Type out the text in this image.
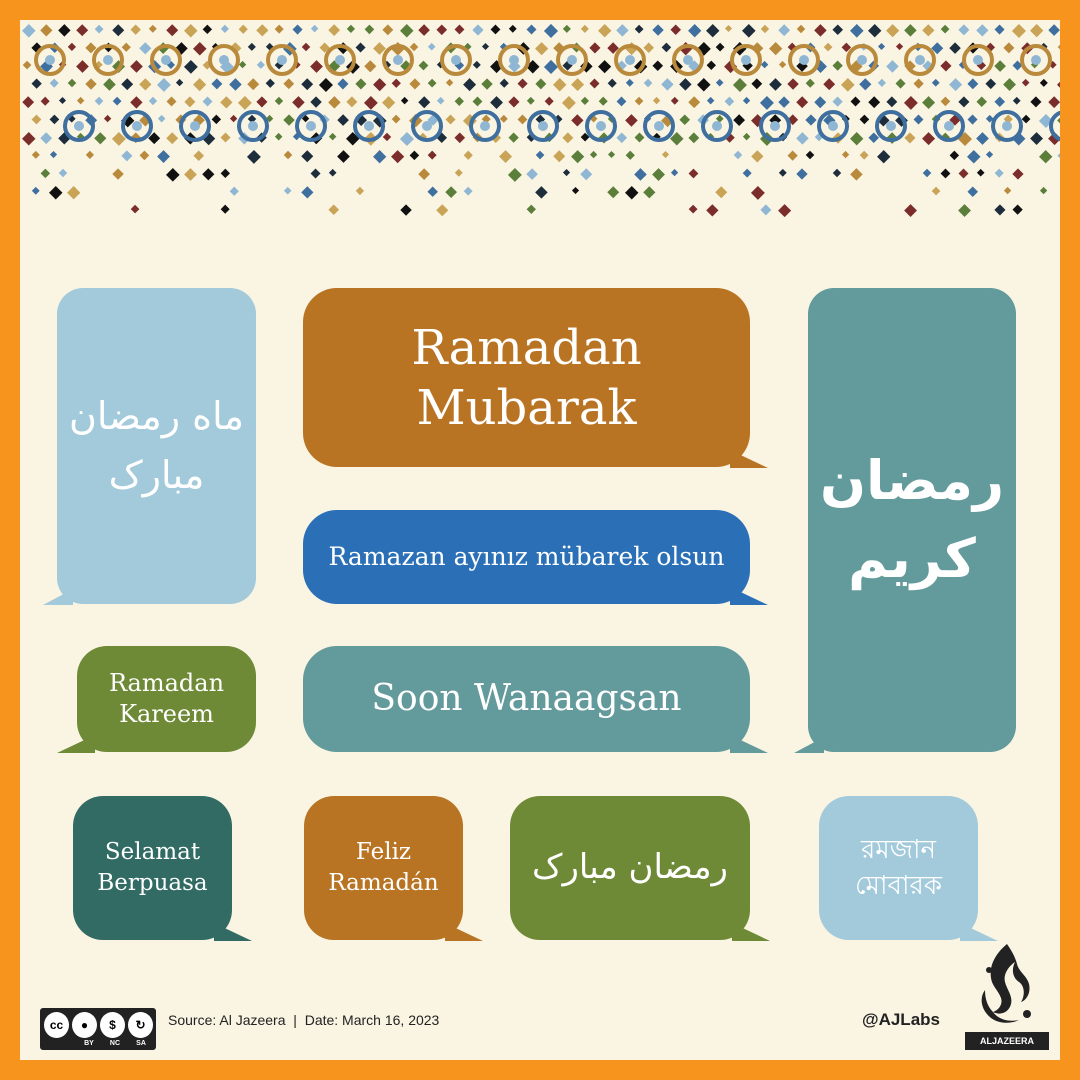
ماه رمضان
مبارک
Ramadan
Mubarak
رمضان
كريم
Ramazan ayınız mübarek olsun
Ramadan
Kareem	Soon Wanaagsan
Selamat
Berpuasa
Feliz
Ramadán	رمضان مبارک	রমজান
মোবারক
cc	●	$	↻
BY NC SA
Source: Al Jazeera  |  Date: March 16, 2023	@AJLabs
ALJAZEERA
